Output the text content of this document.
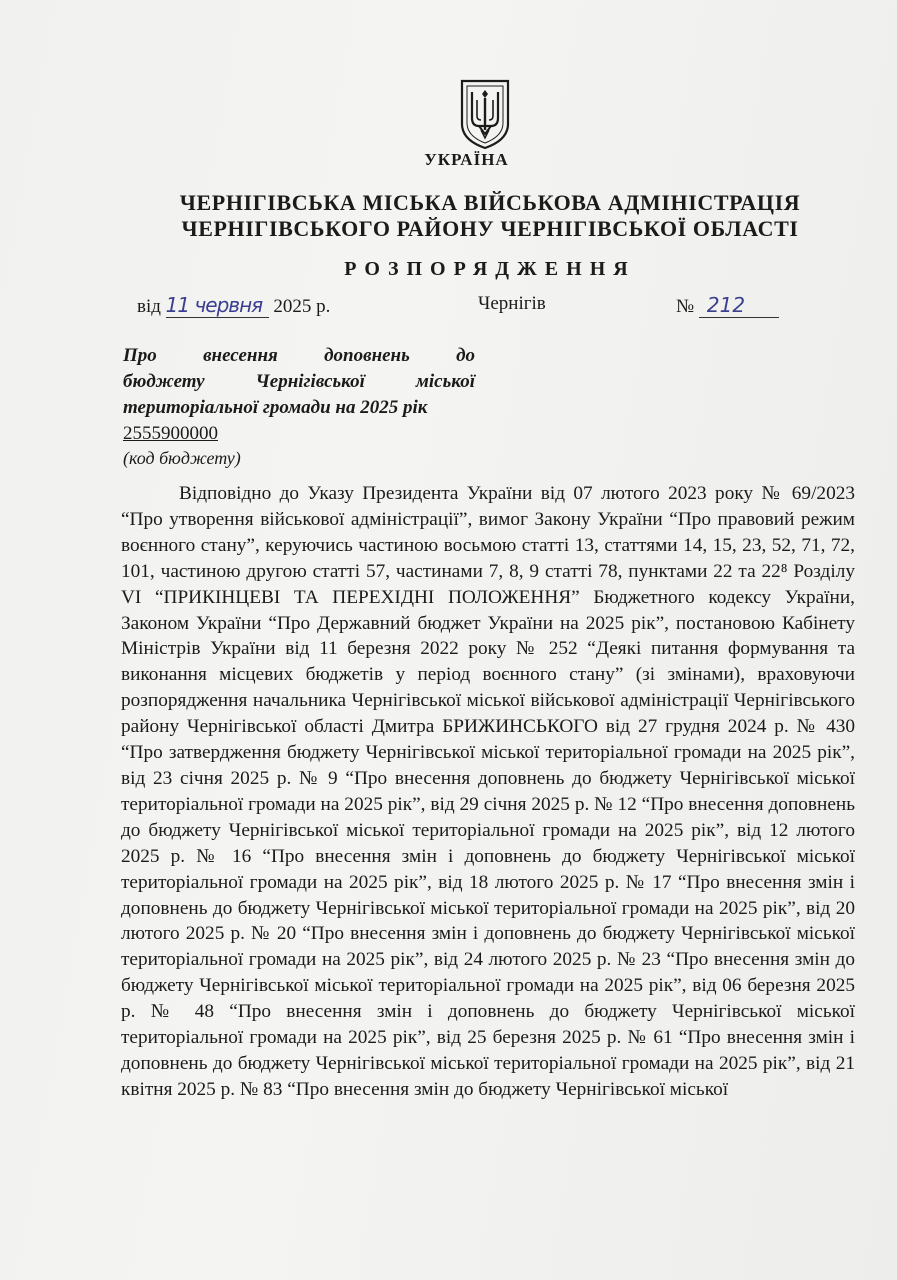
УКРАЇНА
ЧЕРНІГІВСЬКА МІСЬКА ВІЙСЬКОВА АДМІНІСТРАЦІЯ
ЧЕРНІГІВСЬКОГО РАЙОНУ ЧЕРНІГІВСЬКОЇ ОБЛАСТІ
РОЗПОРЯДЖЕННЯ
від 11 червня 2025 р.	Чернігів	№ 212
Про внесення доповнень до
бюджету Чернігівської міської
територіальної громади на 2025 рік
2555900000
(код бюджету)

Відповідно до Указу Президента України від 07 лютого 2023 року № 69/2023 “Про утворення військової адміністрації”, вимог Закону України “Про правовий режим воєнного стану”, керуючись частиною восьмою статті 13, статтями 14, 15, 23, 52, 71, 72, 101, частиною другою статті 57, частинами 7, 8, 9 статті 78, пунктами 22 та 22⁸ Розділу VI “ПРИКІНЦЕВІ ТА ПЕРЕХІДНІ ПОЛОЖЕННЯ” Бюджетного кодексу України, Законом України “Про Державний бюджет України на 2025 рік”, постановою Кабінету Міністрів України від 11 березня 2022 року № 252 “Деякі питання формування та виконання місцевих бюджетів у період воєнного стану” (зі змінами), враховуючи розпорядження начальника Чернігівської міської військової адміністрації Чернігівського району Чернігівської області Дмитра БРИЖИНСЬКОГО від 27 грудня 2024 р. № 430 “Про затвердження бюджету Чернігівської міської територіальної громади на 2025 рік”, від 23 січня 2025 р. № 9 “Про внесення доповнень до бюджету Чернігівської міської територіальної громади на 2025 рік”, від 29 січня 2025 р. № 12 “Про внесення доповнень до бюджету Чернігівської міської територіальної громади на 2025 рік”, від 12 лютого 2025 р. № 16 “Про внесення змін і доповнень до бюджету Чернігівської міської територіальної громади на 2025 рік”, від 18 лютого 2025 р. № 17 “Про внесення змін і доповнень до бюджету Чернігівської міської територіальної громади на 2025 рік”, від 20 лютого 2025 р. № 20 “Про внесення змін і доповнень до бюджету Чернігівської міської територіальної громади на 2025 рік”, від 24 лютого 2025 р. № 23 “Про внесення змін до бюджету Чернігівської міської територіальної громади на 2025 рік”, від 06 березня 2025 р. № 48 “Про внесення змін і доповнень до бюджету Чернігівської міської територіальної громади на 2025 рік”, від 25 березня 2025 р. № 61 “Про внесення змін і доповнень до бюджету Чернігівської міської територіальної громади на 2025 рік”, від 21 квітня 2025 р. № 83 “Про внесення змін до бюджету Чернігівської міської
